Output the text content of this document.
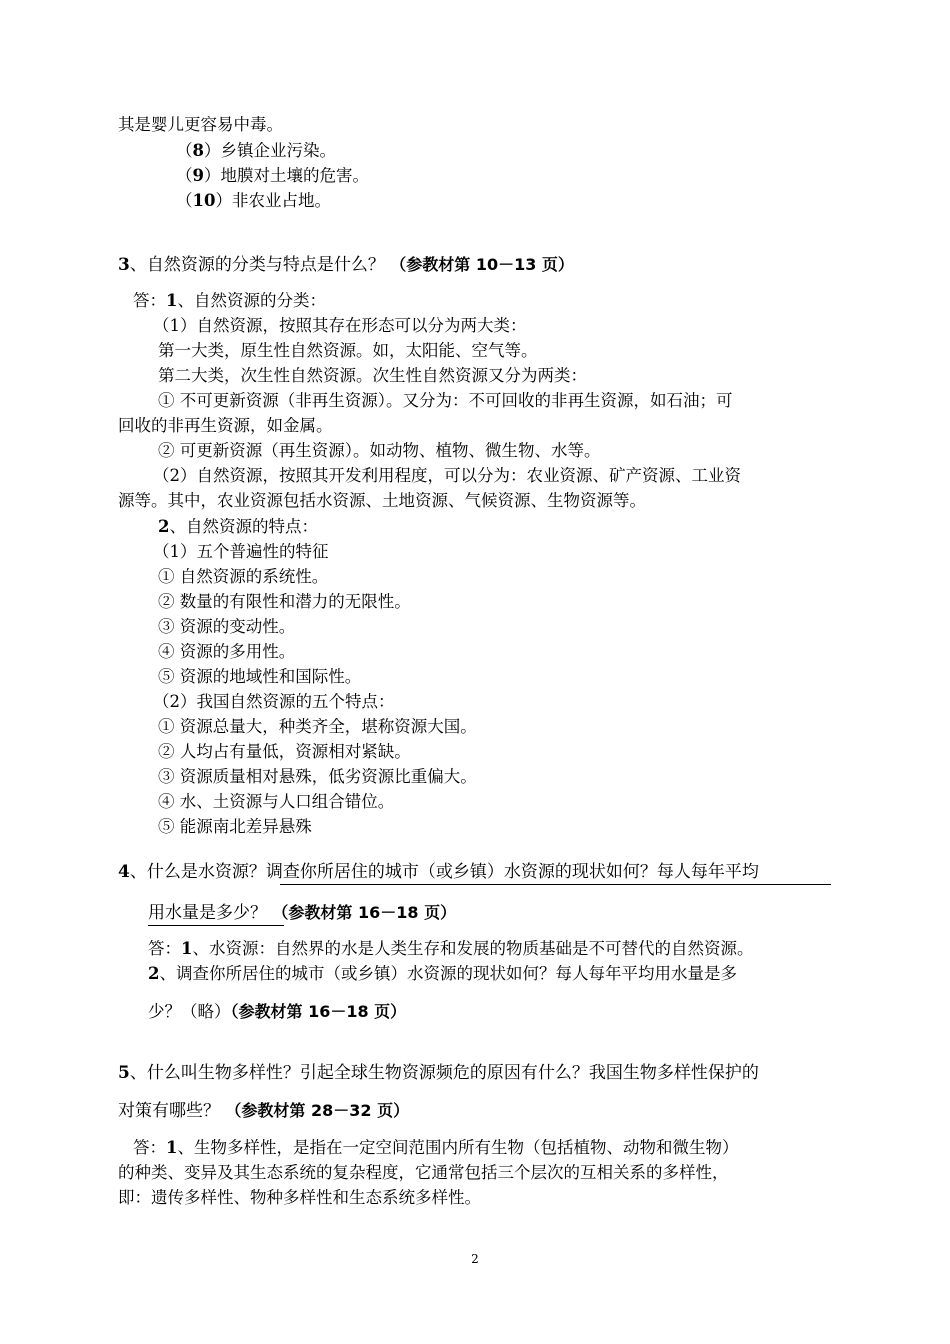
其是婴儿更容易中毒。
（8）乡镇企业污染。
（9）地膜对土壤的危害。
（10）非农业占地。
3、自然资源的分类与特点是什么？ （参教材第 10－13 页）
答：1、自然资源的分类：
（1）自然资源，按照其存在形态可以分为两大类：
第一大类，原生性自然资源。如，太阳能、空气等。
第二大类，次生性自然资源。次生性自然资源又分为两类：
① 不可更新资源（非再生资源）。又分为：不可回收的非再生资源，如石油；可
回收的非再生资源，如金属。
② 可更新资源（再生资源）。如动物、植物、微生物、水等。
（2）自然资源，按照其开发利用程度，可以分为：农业资源、矿产资源、工业资
源等。其中，农业资源包括水资源、土地资源、气候资源、生物资源等。
2、自然资源的特点：
（1）五个普遍性的特征
① 自然资源的系统性。
② 数量的有限性和潜力的无限性。
③ 资源的变动性。
④ 资源的多用性。
⑤ 资源的地域性和国际性。
（2）我国自然资源的五个特点：
① 资源总量大，种类齐全，堪称资源大国。
② 人均占有量低，资源相对紧缺。
③ 资源质量相对悬殊，低劣资源比重偏大。
④ 水、土资源与人口组合错位。
⑤ 能源南北差异悬殊
4、什么是水资源？调查你所居住的城市（或乡镇）水资源的现状如何？每人每年平均
用水量是多少？ （参教材第 16－18 页）
答：1、水资源：自然界的水是人类生存和发展的物质基础是不可替代的自然资源。
2、调查你所居住的城市（或乡镇）水资源的现状如何？每人每年平均用水量是多
少？（略）（参教材第 16－18 页）
5、什么叫生物多样性？引起全球生物资源频危的原因有什么？我国生物多样性保护的
对策有哪些？ （参教材第 28－32 页）
答：1、生物多样性，是指在一定空间范围内所有生物（包括植物、动物和微生物）
的种类、变异及其生态系统的复杂程度，它通常包括三个层次的互相关系的多样性，
即：遗传多样性、物种多样性和生态系统多样性。
2
